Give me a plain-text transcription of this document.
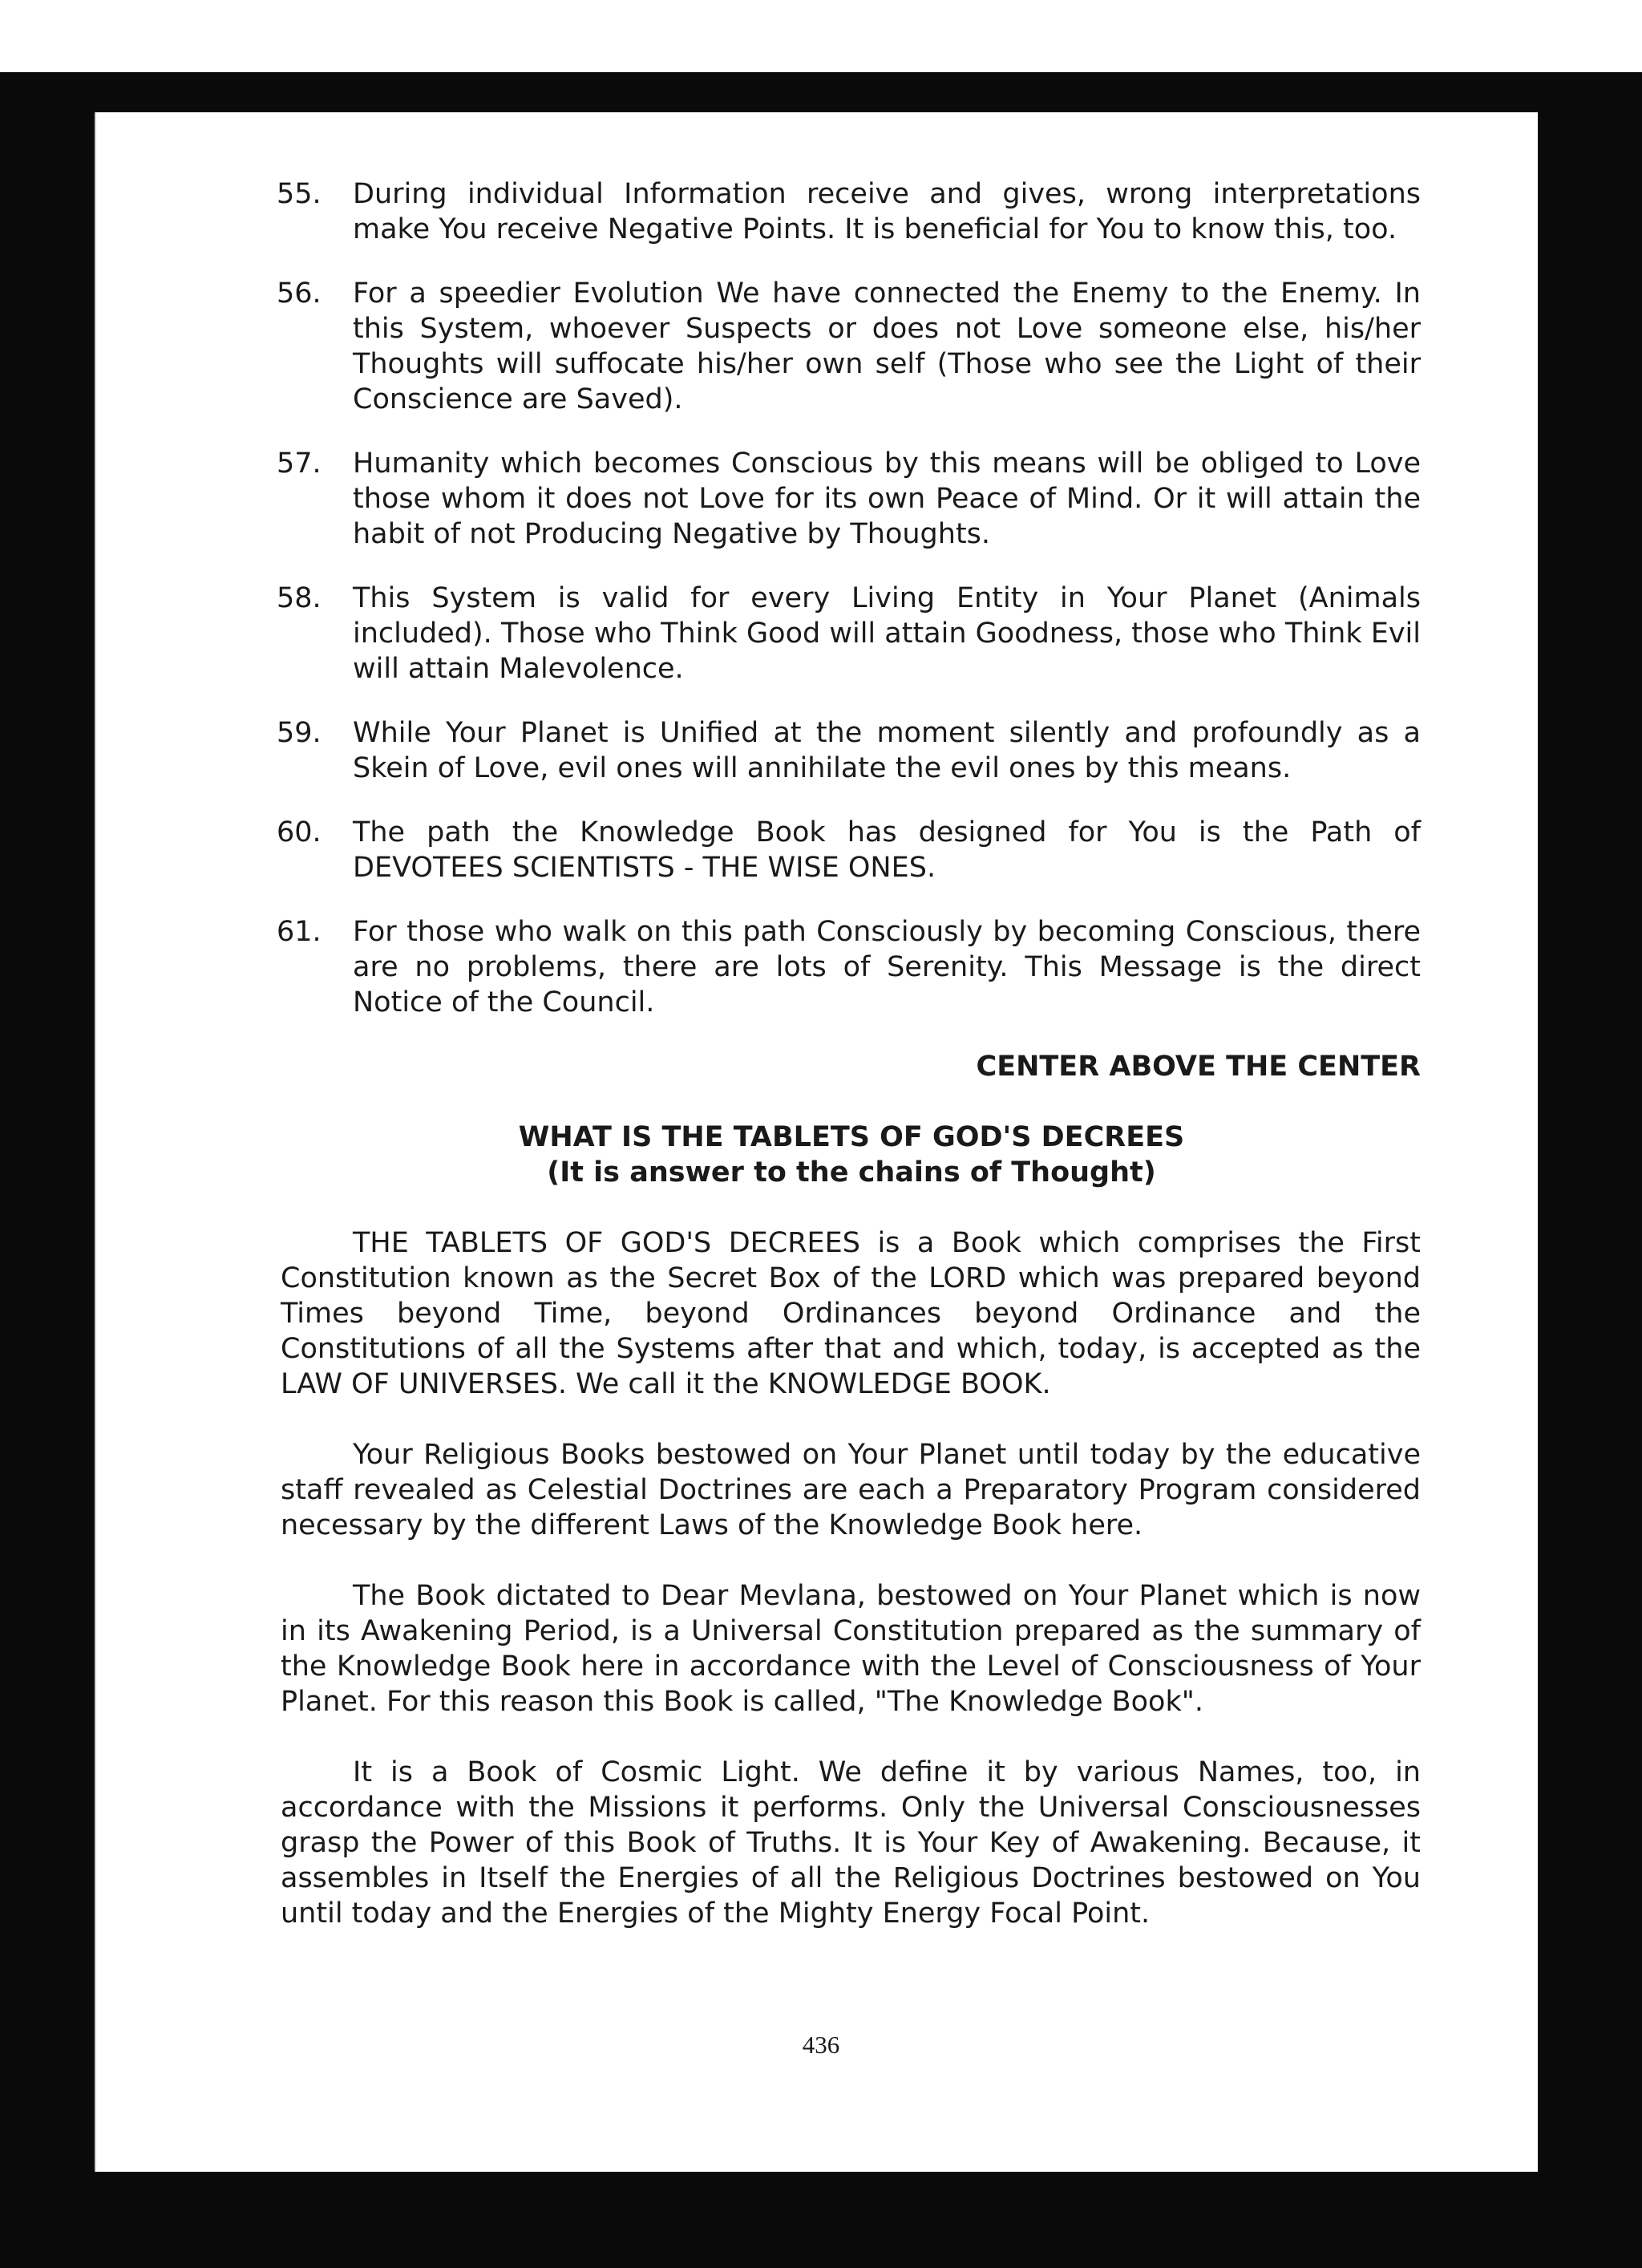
55.	During individual Information receive and gives, wrong interpretations make You receive Negative Points. It is beneficial for You to know this, too.
56.	For a speedier Evolution We have connected the Enemy to the Enemy. In this System, whoever Suspects or does not Love someone else, his/her Thoughts will suffocate his/her own self (Those who see the Light of their Conscience are Saved).
57.	Humanity which becomes Conscious by this means will be obliged to Love those whom it does not Love for its own Peace of Mind. Or it will attain the habit of not Producing Negative by Thoughts.
58.	This System is valid for every Living Entity in Your Planet (Animals included). Those who Think Good will attain Goodness, those who Think Evil will attain Malevolence.
59.	While Your Planet is Unified at the moment silently and profoundly as a Skein of Love, evil ones will annihilate the evil ones by this means.
60.	The path the Knowledge Book has designed for You is the Path of DEVOTEES SCIENTISTS - THE WISE ONES.
61.	For those who walk on this path Consciously by becoming Conscious, there are no problems, there are lots of Serenity. This Message is the direct Notice of the Council.
CENTER ABOVE THE CENTER
WHAT IS THE TABLETS OF GOD'S DECREES
(It is answer to the chains of Thought)

THE TABLETS OF GOD'S DECREES is a Book which comprises the First Constitution known as the Secret Box of the LORD which was prepared beyond Times beyond Time, beyond Ordinances beyond Ordinance and the Constitutions of all the Systems after that and which, today, is accepted as the LAW OF UNIVERSES. We call it the KNOWLEDGE BOOK.

Your Religious Books bestowed on Your Planet until today by the educative staff revealed as Celestial Doctrines are each a Preparatory Program considered necessary by the different Laws of the Knowledge Book here.

The Book dictated to Dear Mevlana, bestowed on Your Planet which is now in its Awakening Period, is a Universal Constitution prepared as the summary of the Knowledge Book here in accordance with the Level of Consciousness of Your Planet. For this reason this Book is called, "The Knowledge Book".

It is a Book of Cosmic Light. We define it by various Names, too, in accordance with the Missions it performs. Only the Universal Consciousnesses grasp the Power of this Book of Truths. It is Your Key of Awakening. Because, it assembles in Itself the Energies of all the Religious Doctrines bestowed on You until today and the Energies of the Mighty Energy Focal Point.

436
